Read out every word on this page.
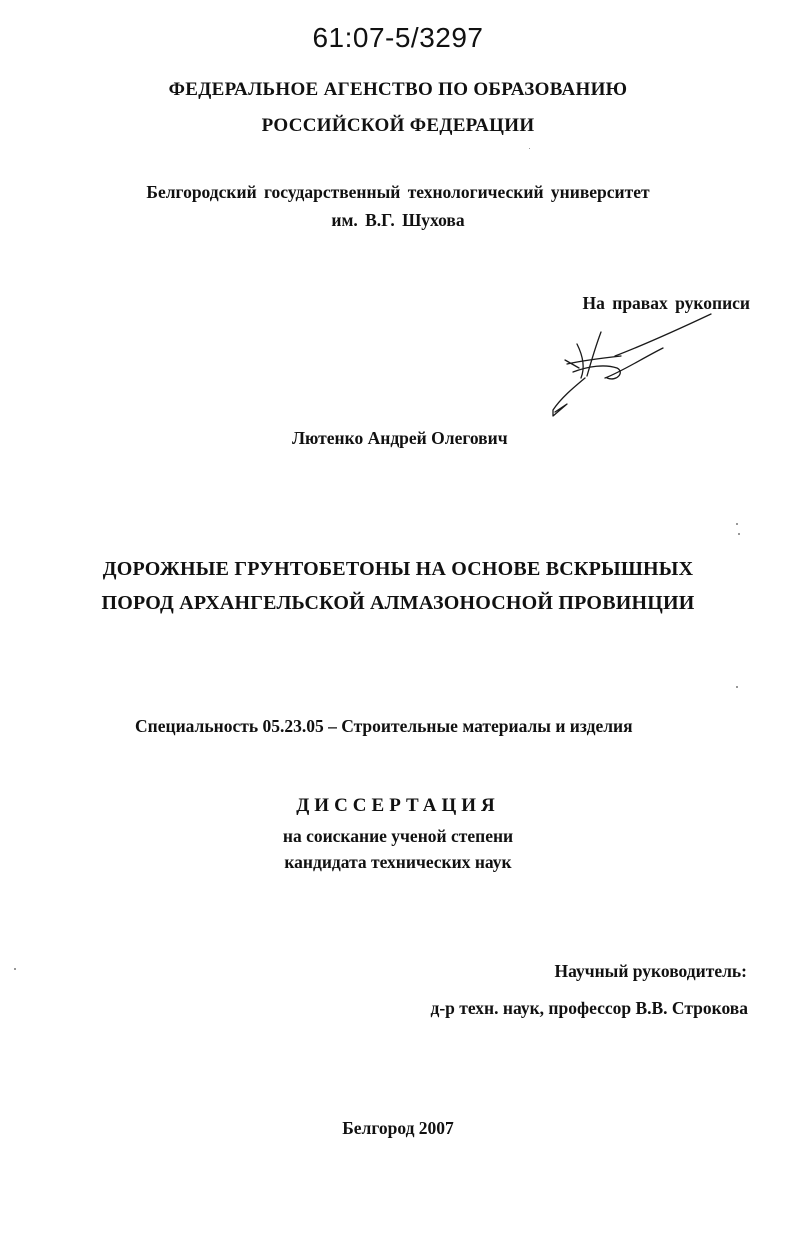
61:07-5/3297
ФЕДЕРАЛЬНОЕ АГЕНСТВО ПО ОБРАЗОВАНИЮ
РОССИЙСКОЙ ФЕДЕРАЦИИ
Белгородский государственный технологический университет
им. В.Г. Шухова
На правах рукописи
Лютенко Андрей Олегович
ДОРОЖНЫЕ ГРУНТОБЕТОНЫ НА ОСНОВЕ ВСКРЫШНЫХ
ПОРОД АРХАНГЕЛЬСКОЙ АЛМАЗОНОСНОЙ ПРОВИНЦИИ
Специальность 05.23.05 – Строительные материалы и изделия
ДИССЕРТАЦИЯ
на соискание ученой степени
кандидата технических наук
Научный руководитель:
д-р техн. наук, профессор В.В. Строкова
Белгород 2007
